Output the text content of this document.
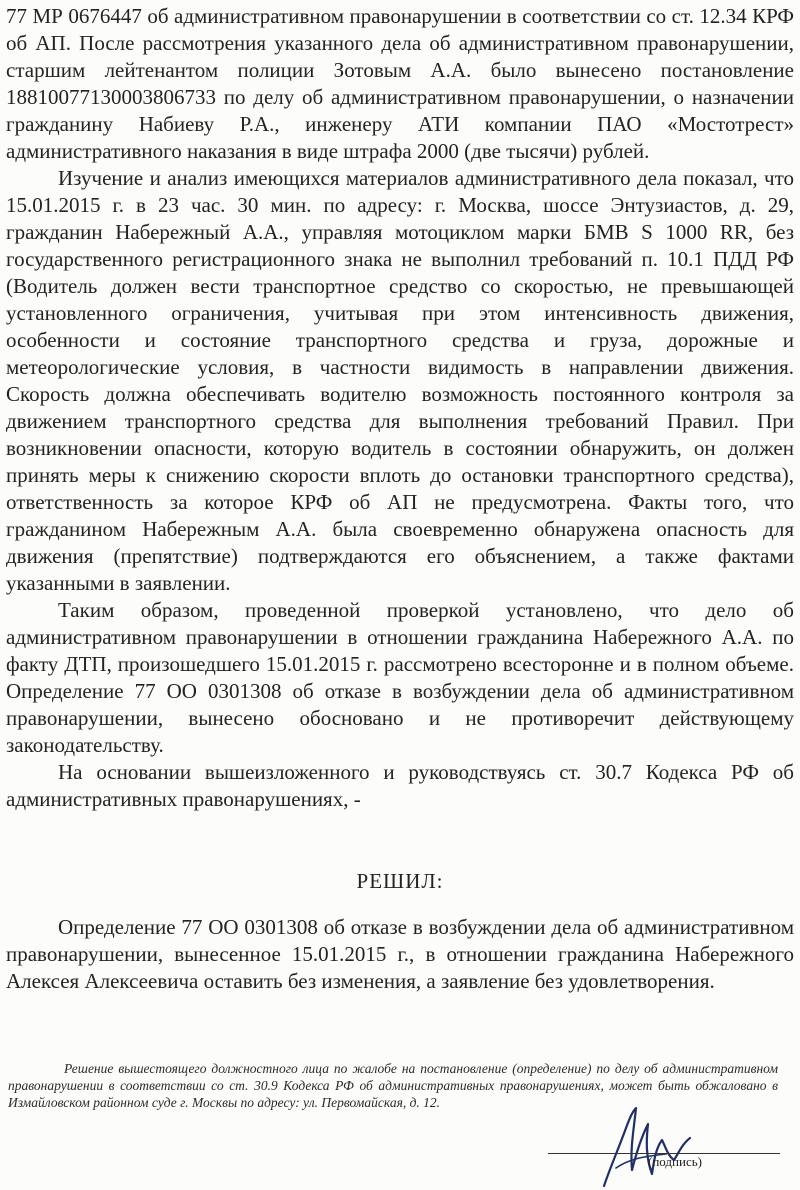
77 МР 0676447 об административном правонарушении в соответствии со ст. 12.34 КРФ об АП. После рассмотрения указанного дела об административном правонарушении, старшим лейтенантом полиции Зотовым А.А. было вынесено постановление 18810077130003806733 по делу об административном правонарушении, о назначении гражданину Набиеву Р.А., инженеру АТИ компании ПАО «Мостотрест» административного наказания в виде штрафа 2000 (две тысячи) рублей.

Изучение и анализ имеющихся материалов административного дела показал, что 15.01.2015 г. в 23 час. 30 мин. по адресу: г. Москва, шоссе Энтузиастов, д. 29, гражданин Набережный А.А., управляя мотоциклом марки БМВ S 1000 RR, без государственного регистрационного знака не выполнил требований п. 10.1 ПДД РФ (Водитель должен вести транспортное средство со скоростью, не превышающей установленного ограничения, учитывая при этом интенсивность движения, особенности и состояние транспортного средства и груза, дорожные и метеорологические условия, в частности видимость в направлении движения. Скорость должна обеспечивать водителю возможность постоянного контроля за движением транспортного средства для выполнения требований Правил. При возникновении опасности, которую водитель в состоянии обнаружить, он должен принять меры к снижению скорости вплоть до остановки транспортного средства), ответственность за которое КРФ об АП не предусмотрена. Факты того, что гражданином Набережным А.А. была своевременно обнаружена опасность для движения (препятствие) подтверждаются его объяснением, а также фактами указанными в заявлении.

Таким образом, проведенной проверкой установлено, что дело об административном правонарушении в отношении гражданина Набережного А.А. по факту ДТП, произошедшего 15.01.2015 г. рассмотрено всесторонне и в полном объеме. Определение 77 ОО 0301308 об отказе в возбуждении дела об административном правонарушении, вынесено обосновано и не противоречит действующему законодательству.

На основании вышеизложенного и руководствуясь ст. 30.7 Кодекса РФ об административных правонарушениях, -

РЕШИЛ:

Определение 77 ОО 0301308 об отказе в возбуждении дела об административном правонарушении, вынесенное 15.01.2015 г., в отношении гражданина Набережного Алексея Алексеевича оставить без изменения, а заявление без удовлетворения.

Решение вышестоящего должностного лица по жалобе на постановление (определение) по делу об административном правонарушении в соответствии со ст. 30.9 Кодекса РФ об административных правонарушениях, может быть обжаловано в Измайловском районном суде г. Москвы по адресу: ул. Первомайская, д. 12.

(подпись)
